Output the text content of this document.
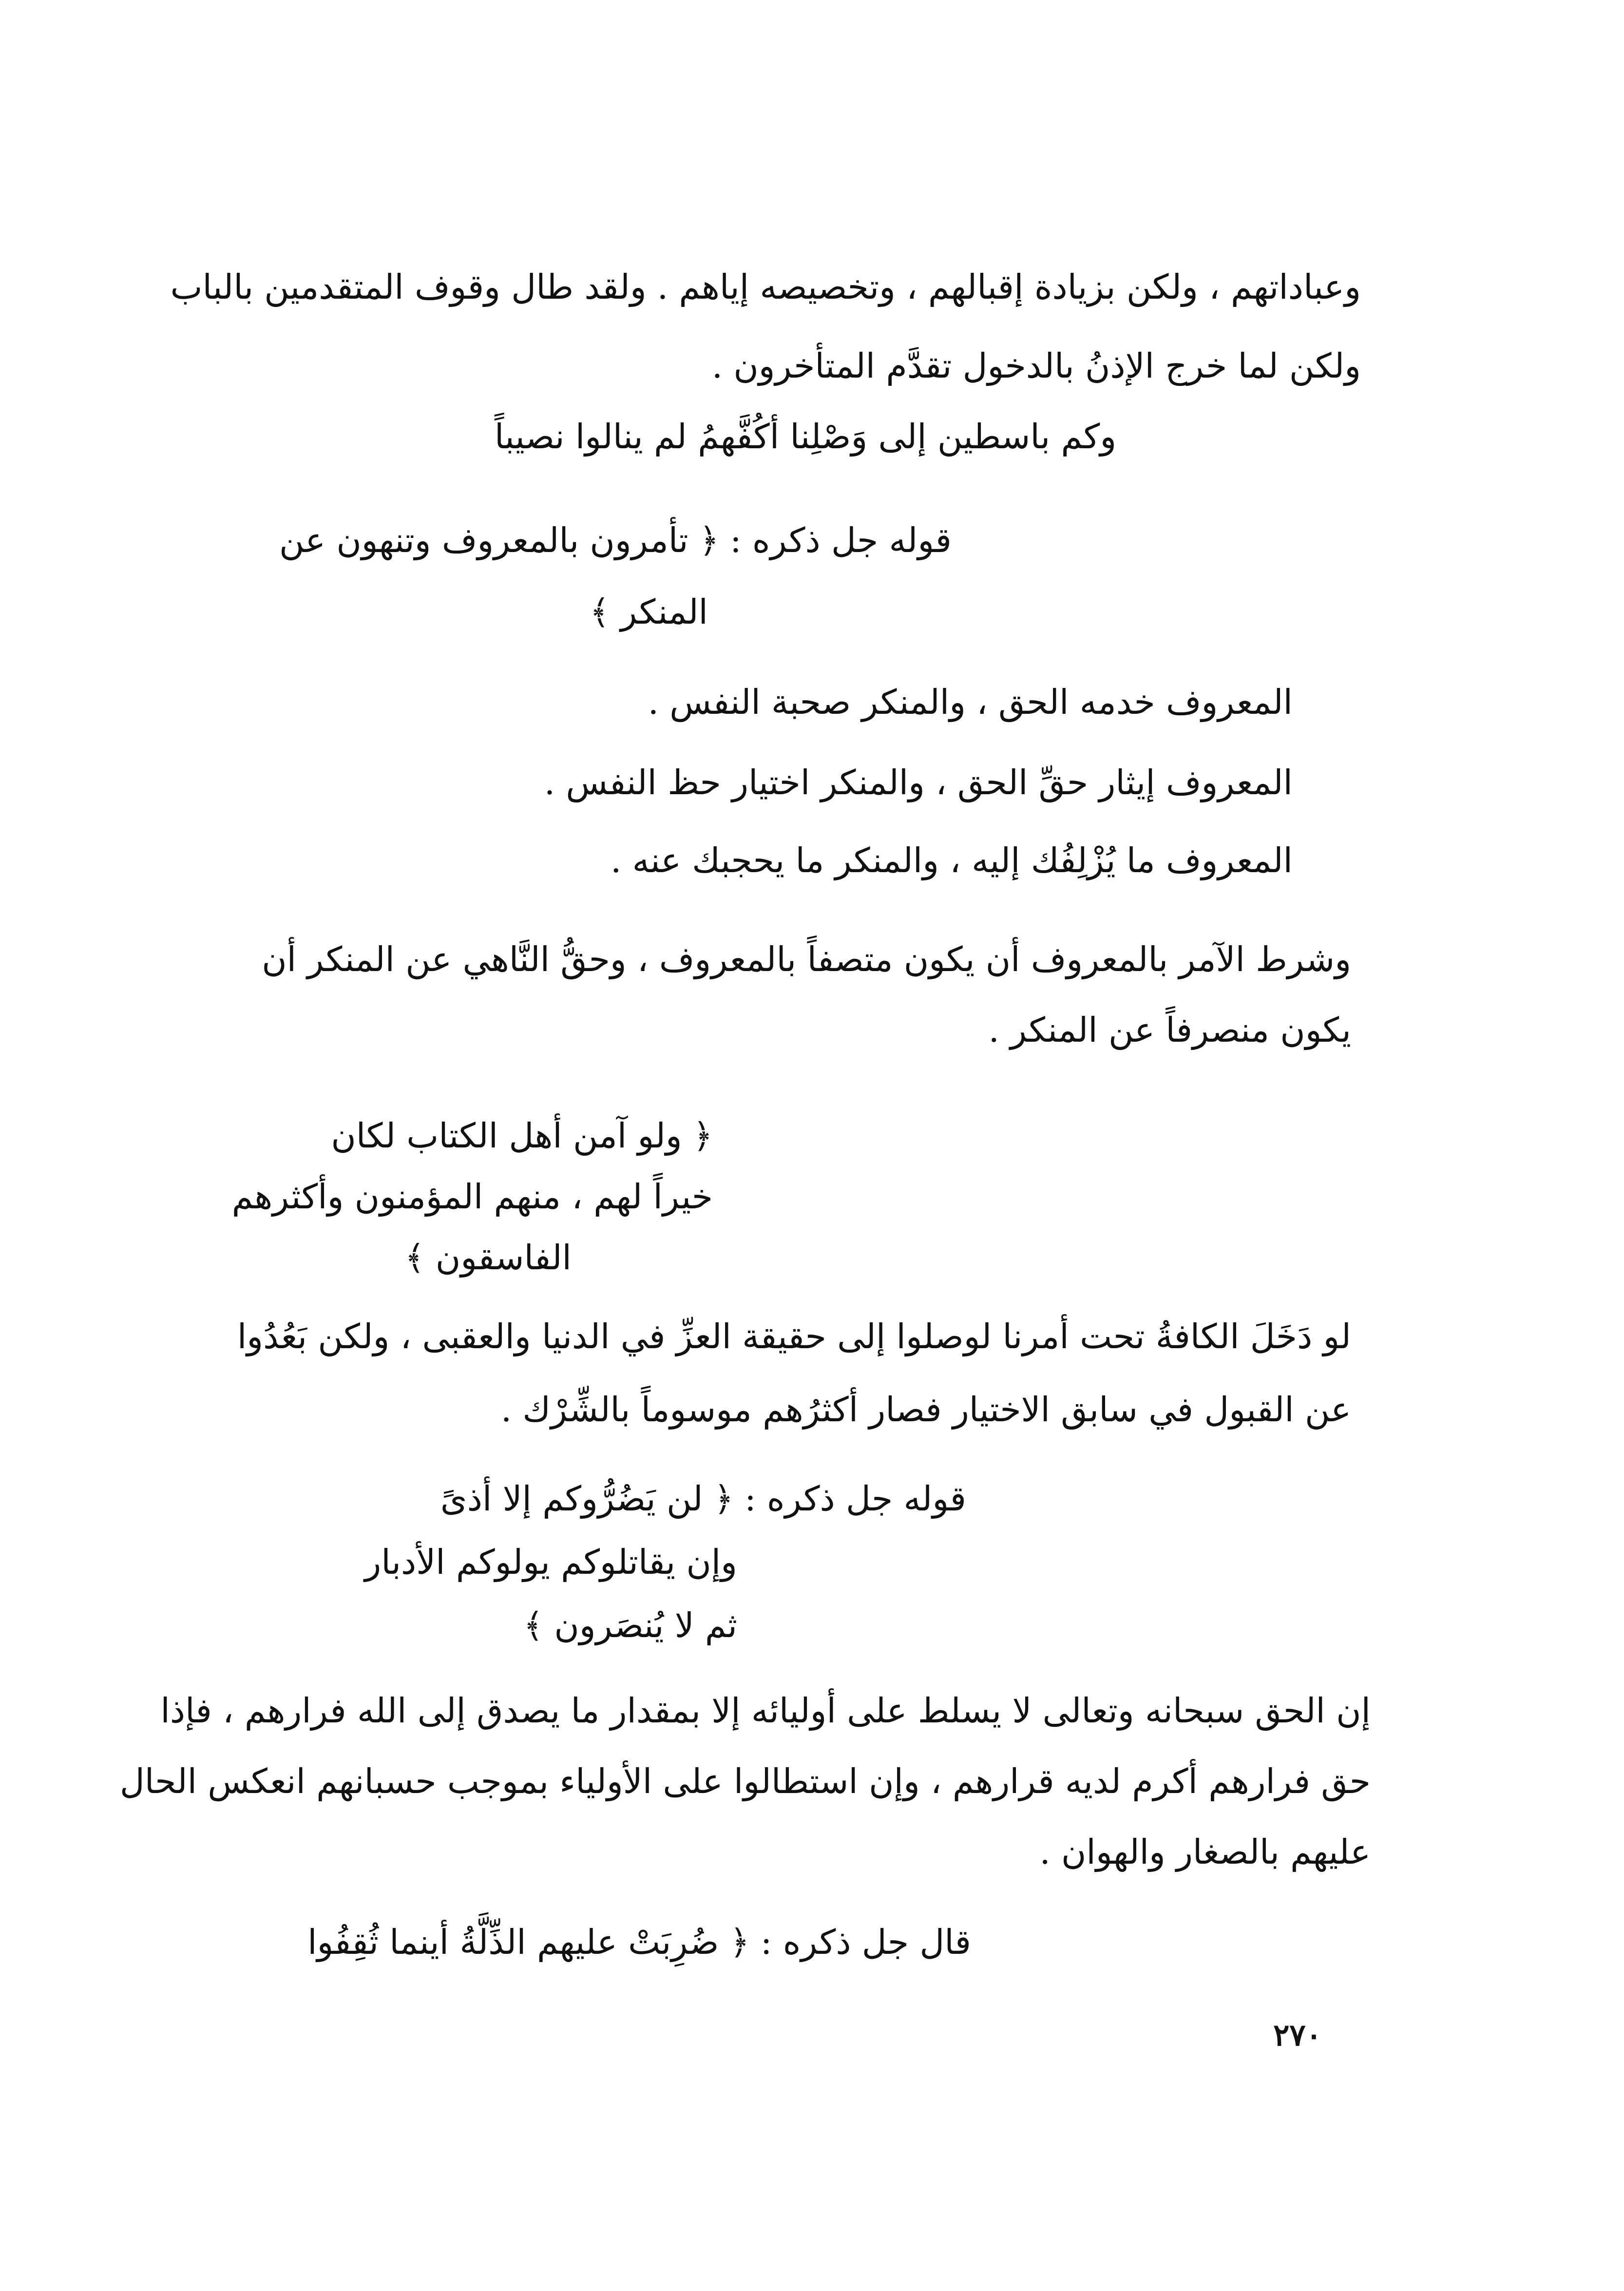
وعباداتهم ، ولكن بزيادة إقبالهم ، وتخصيصه إياهم . ولقد طال وقوف المتقدمين بالباب
ولكن لما خرج الإذنُ بالدخول تقدَّم المتأخرون .
وكم باسطين إلى وَصْلِنا أكُفَّهمُ لم ينالوا نصيباً
قوله جل ذكره : ﴿ تأمرون بالمعروف وتنهون عن
المنكر ﴾
المعروف خدمه الحق ، والمنكر صحبة النفس .
المعروف إيثار حقِّ الحق ، والمنكر اختيار حظ النفس .
المعروف ما يُزْلِفُك إليه ، والمنكر ما يحجبك عنه .
وشرط الآمر بالمعروف أن يكون متصفاً بالمعروف ، وحقُّ النَّاهي عن المنكر أن
يكون منصرفاً عن المنكر .
﴿ ولو آمن أهل الكتاب لكان
خيراً لهم ، منهم المؤمنون وأكثرهم
الفاسقون ﴾
لو دَخَلَ الكافةُ تحت أمرنا لوصلوا إلى حقيقة العزِّ في الدنيا والعقبى ، ولكن بَعُدُوا
عن القبول في سابق الاختيار فصار أكثرُهم موسوماً بالشِّرْك .
قوله جل ذكره : ﴿ لن يَضُرُّوكم إلا أذىً
وإن يقاتلوكم يولوكم الأدبار
ثم لا يُنصَرون ﴾
إن الحق سبحانه وتعالى لا يسلط على أوليائه إلا بمقدار ما يصدق إلى الله فرارهم ، فإذا
حق فرارهم أكرم لديه قرارهم ، وإن استطالوا على الأولياء بموجب حسبانهم انعكس الحال
عليهم بالصغار والهوان .
قال جل ذكره : ﴿ ضُرِبَتْ عليهم الذِّلَّةُ أينما ثُقِفُوا
٢٧٠
